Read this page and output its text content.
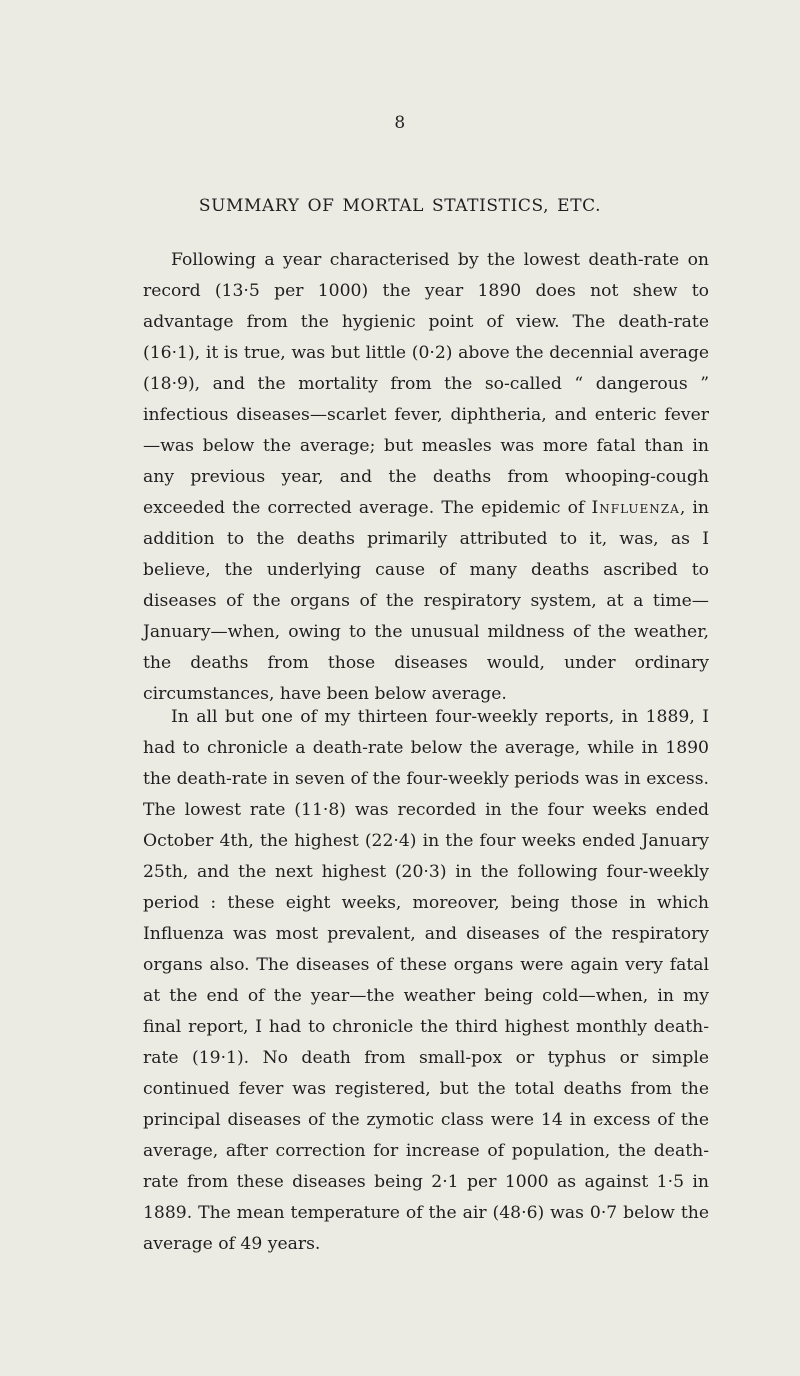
8
SUMMARY OF MORTAL STATISTICS, ETC.

Following a year characterised by the lowest death-rate on record (13·5 per 1000) the year 1890 does not shew to advantage from the hygienic point of view. The death-rate (16·1), it is true, was but little (0·2) above the decennial average (18·9), and the mortality from the so-called “ dangerous ” infectious diseases—scarlet fever, diphtheria, and enteric fever—was below the average; but measles was more fatal than in any previous year, and the deaths from whooping-cough exceeded the corrected average. The epidemic of Influenza, in addition to the deaths primarily attributed to it, was, as I believe, the underlying cause of many deaths ascribed to diseases of the organs of the respiratory system, at a time—January—when, owing to the unusual mildness of the weather, the deaths from those diseases would, under ordinary circumstances, have been below average.

In all but one of my thirteen four-weekly reports, in 1889, I had to chronicle a death-rate below the average, while in 1890 the death-rate in seven of the four-weekly periods was in excess. The lowest rate (11·8) was recorded in the four weeks ended October 4th, the highest (22·4) in the four weeks ended January 25th, and the next highest (20·3) in the following four-weekly period : these eight weeks, moreover, being those in which Influenza was most prevalent, and diseases of the respiratory organs also. The diseases of these organs were again very fatal at the end of the year—the weather being cold—when, in my final report, I had to chronicle the third highest monthly death-rate (19·1). No death from small-pox or typhus or simple continued fever was registered, but the total deaths from the principal diseases of the zymotic class were 14 in excess of the average, after correction for increase of population, the death-rate from these diseases being 2·1 per 1000 as against 1·5 in 1889. The mean temperature of the air (48·6) was 0·7 below the average of 49 years.
